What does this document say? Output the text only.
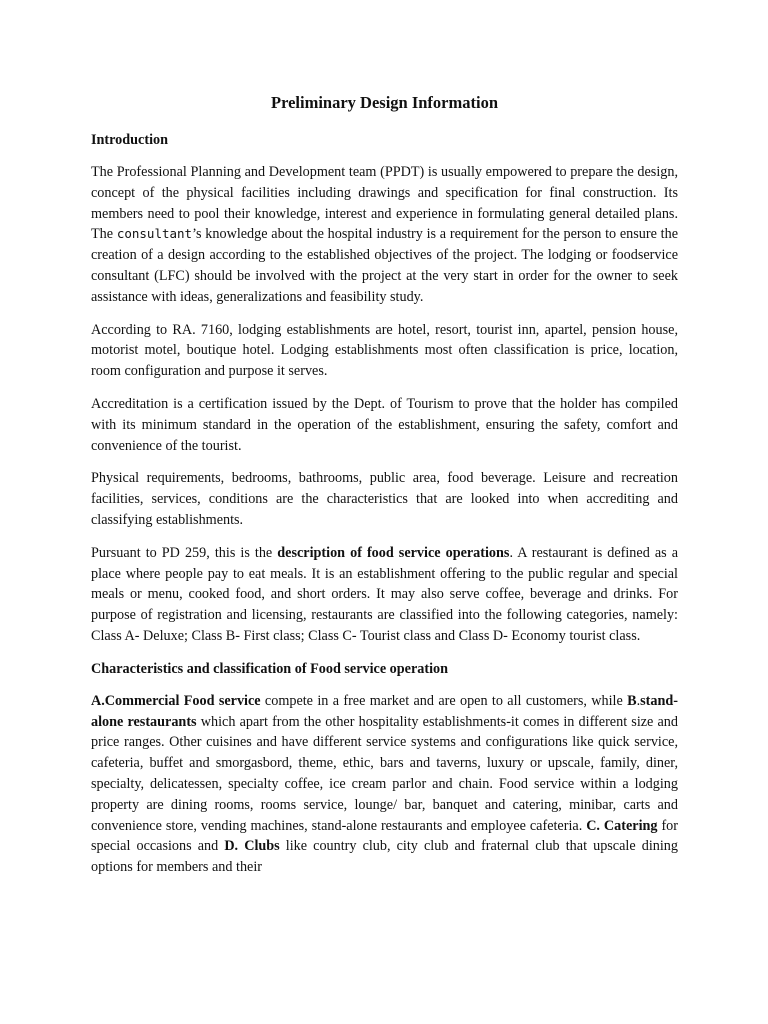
Preliminary Design Information
Introduction

The Professional Planning and Development team (PPDT) is usually empowered to prepare the design, concept of the physical facilities including drawings and specification for final construction. Its members need to pool their knowledge, interest and experience in formulating general detailed plans. The consultant’s knowledge about the hospital industry is a requirement for the person to ensure the creation of a design according to the established objectives of the project. The lodging or foodservice consultant (LFC) should be involved with the project at the very start in order for the owner to seek assistance with ideas, generalizations and feasibility study.

According to RA. 7160, lodging establishments are hotel, resort, tourist inn, apartel, pension house, motorist motel, boutique hotel. Lodging establishments most often classification is price, location, room configuration and purpose it serves.

Accreditation is a certification issued by the Dept. of Tourism to prove that the holder has compiled with its minimum standard in the operation of the establishment, ensuring the safety, comfort and convenience of the tourist.

Physical requirements, bedrooms, bathrooms, public area, food beverage. Leisure and recreation facilities, services, conditions are the characteristics that are looked into when accrediting and classifying establishments.

Pursuant to PD 259, this is the description of food service operations. A restaurant is defined as a place where people pay to eat meals. It is an establishment offering to the public regular and special meals or menu, cooked food, and short orders. It may also serve coffee, beverage and drinks. For purpose of registration and licensing, restaurants are classified into the following categories, namely: Class A- Deluxe; Class B- First class; Class C- Tourist class and Class D- Economy tourist class.

Characteristics and classification of Food service operation

A.Commercial Food service compete in a free market and are open to all customers, while B.stand-alone restaurants which apart from the other hospitality establishments-it comes in different size and price ranges. Other cuisines and have different service systems and configurations like quick service, cafeteria, buffet and smorgasbord, theme, ethic, bars and taverns, luxury or upscale, family, diner, specialty, delicatessen, specialty coffee, ice cream parlor and chain. Food service within a lodging property are dining rooms, rooms service, lounge/ bar, banquet and catering, minibar, carts and convenience store, vending machines, stand-alone restaurants and employee cafeteria. C. Catering for special occasions and D. Clubs like country club, city club and fraternal club that upscale dining options for members and their
